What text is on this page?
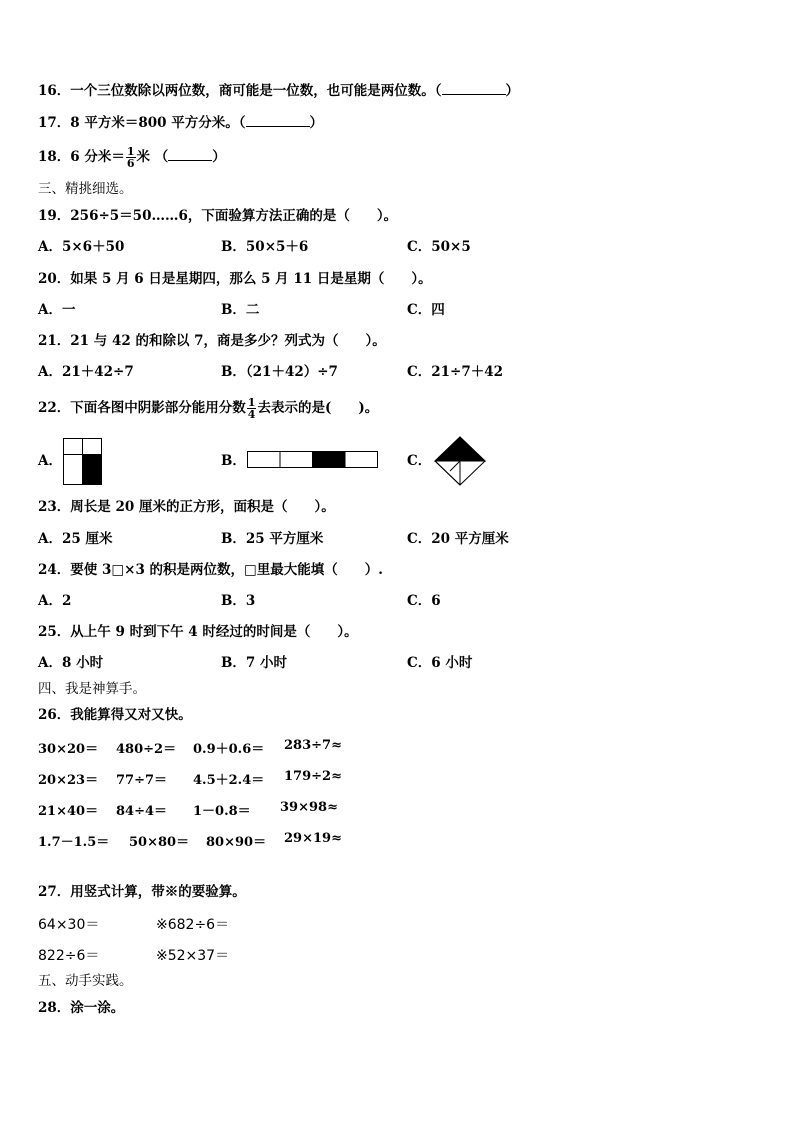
16．一个三位数除以两位数，商可能是一位数，也可能是两位数。（	）
17．8 平方米＝800 平方分米。（	）
18．6 分米＝ $\frac{1}{6}$ 米 （	）
三、精挑细选。
19．256÷5＝50……6，下面验算方法正确的是（　　）。
A．5×6＋50	B．50×5＋6	C．50×5
20．如果 5 月 6 日是星期四，那么 5 月 11 日是星期（　　）。
A．一	B．二	C．四
21．21 与 42 的和除以 7，商是多少？列式为（　　）。
A．21＋42÷7	B．（21＋42）÷7	C．21÷7＋42
22．下面各图中阴影部分能用分数 $\frac{1}{4}$ 去表示的是(　　)。
A．	B．	C．
23．周长是 20 厘米的正方形，面积是（　　）。
A．25 厘米	B．25 平方厘米	C．20 平方厘米
24．要使 3□×3 的积是两位数，□里最大能填（　　）.
A．2	B．3	C．6
25．从上午 9 时到下午 4 时经过的时间是（　　）。
A．8 小时	B．7 小时	C．6 小时
四、我是神算手。
26．我能算得又对又快。
30×20＝ 480÷2＝ 0.9＋0.6＝ 283÷7≈
20×23＝ 77÷7＝ 4.5＋2.4＝ 179÷2≈
21×40＝ 84÷4＝ 1－0.8＝ 39×98≈
1.7－1.5＝ 50×80＝ 80×90＝ 29×19≈
27．用竖式计算，带※的要验算。
64×30＝	※682÷6＝
822÷6＝	※52×37＝
五、动手实践。
28．涂一涂。
